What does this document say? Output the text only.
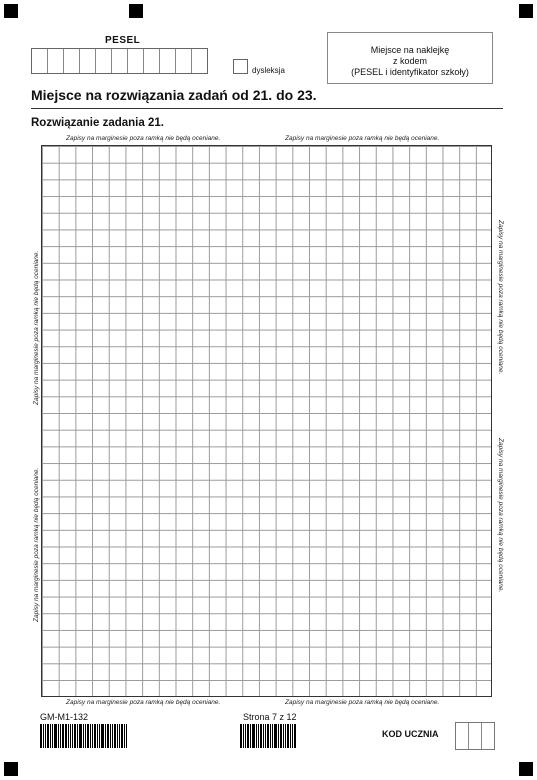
PESEL
dysleksja
Miejsce na naklejkę
z kodem
(PESEL i identyfikator szkoły)
Miejsce na rozwiązania zadań od 21. do 23.
Rozwiązanie zadania 21.
Zapisy na marginesie poza ramką nie będą oceniane.	Zapisy na marginesie poza ramką nie będą oceniane.
Zapisy na marginesie poza ramką nie będą oceniane.
Zapisy na marginesie poza ramką nie będą oceniane.
Zapisy na marginesie poza ramką nie będą oceniane.
Zapisy na marginesie poza ramką nie będą oceniane.
Zapisy na marginesie poza ramką nie będą oceniane.	Zapisy na marginesie poza ramką nie będą oceniane.
GM-M1-132	Strona 7 z 12
KOD UCZNIA
